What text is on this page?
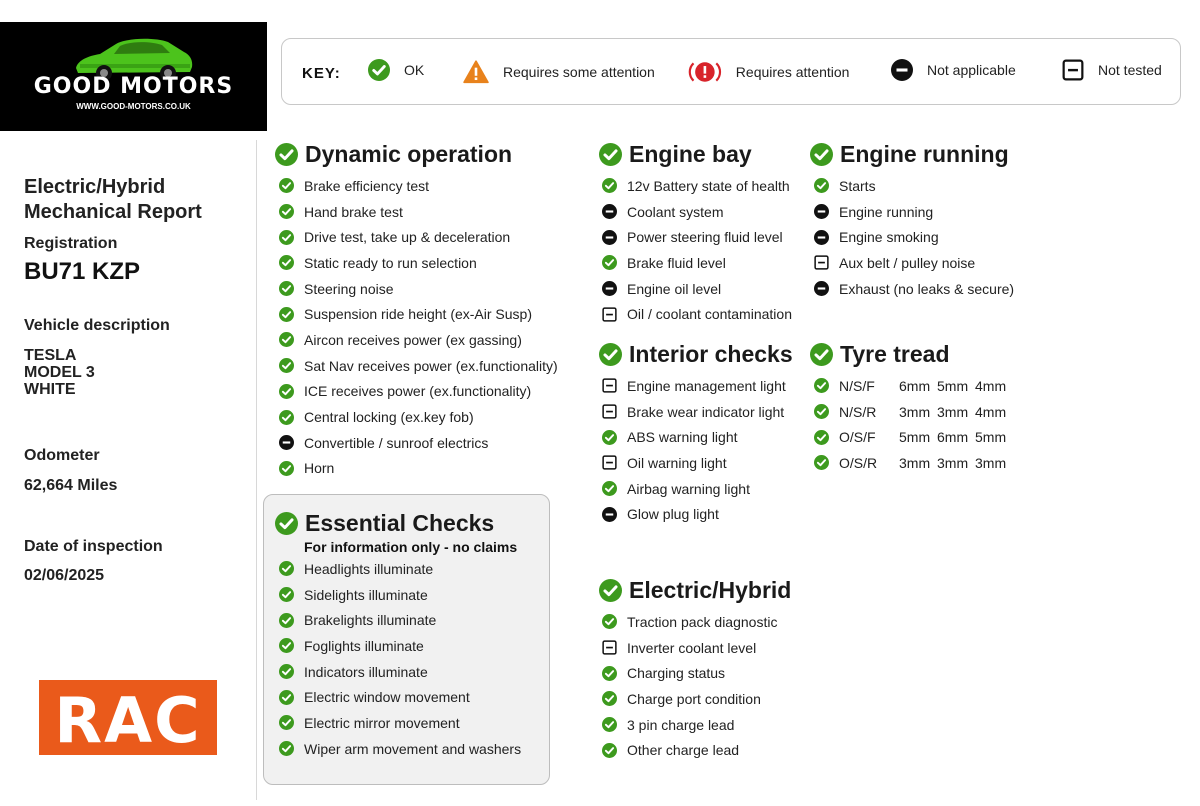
GOOD MOTORS
WWW.GOOD-MOTORS.CO.UK
Electric/Hybrid
Mechanical Report
Registration
BU71 KZP
Vehicle description
TESLA
MODEL 3
WHITE
Odometer
62,664 Miles
Date of inspection
02/06/2025
RAC
KEY:	OK	Requires some attention	Requires attention	Not applicable	Not tested
Dynamic operation
Brake efficiency test
Hand brake test
Drive test, take up & deceleration
Static ready to run selection
Steering noise
Suspension ride height (ex-Air Susp)
Aircon receives power (ex gassing)
Sat Nav receives power (ex.functionality)
ICE receives power (ex.functionality)
Central locking (ex.key fob)
Convertible / sunroof electrics
Horn
Essential Checks
For information only - no claims
Headlights illuminate
Sidelights illuminate
Brakelights illuminate
Foglights illuminate
Indicators illuminate
Electric window movement
Electric mirror movement
Wiper arm movement and washers
Engine bay
12v Battery state of health
Coolant system
Power steering fluid level
Brake fluid level
Engine oil level
Oil / coolant contamination
Engine running
Starts
Engine running
Engine smoking
Aux belt / pulley noise
Exhaust (no leaks & secure)
Interior checks
Engine management light
Brake wear indicator light
ABS warning light
Oil warning light
Airbag warning light
Glow plug light
Tyre tread
N/S/F	6mm 5mm 4mm
N/S/R	3mm 3mm 4mm
O/S/F	5mm 6mm 5mm
O/S/R	3mm 3mm 3mm
Electric/Hybrid
Traction pack diagnostic
Inverter coolant level
Charging status
Charge port condition
3 pin charge lead
Other charge lead
